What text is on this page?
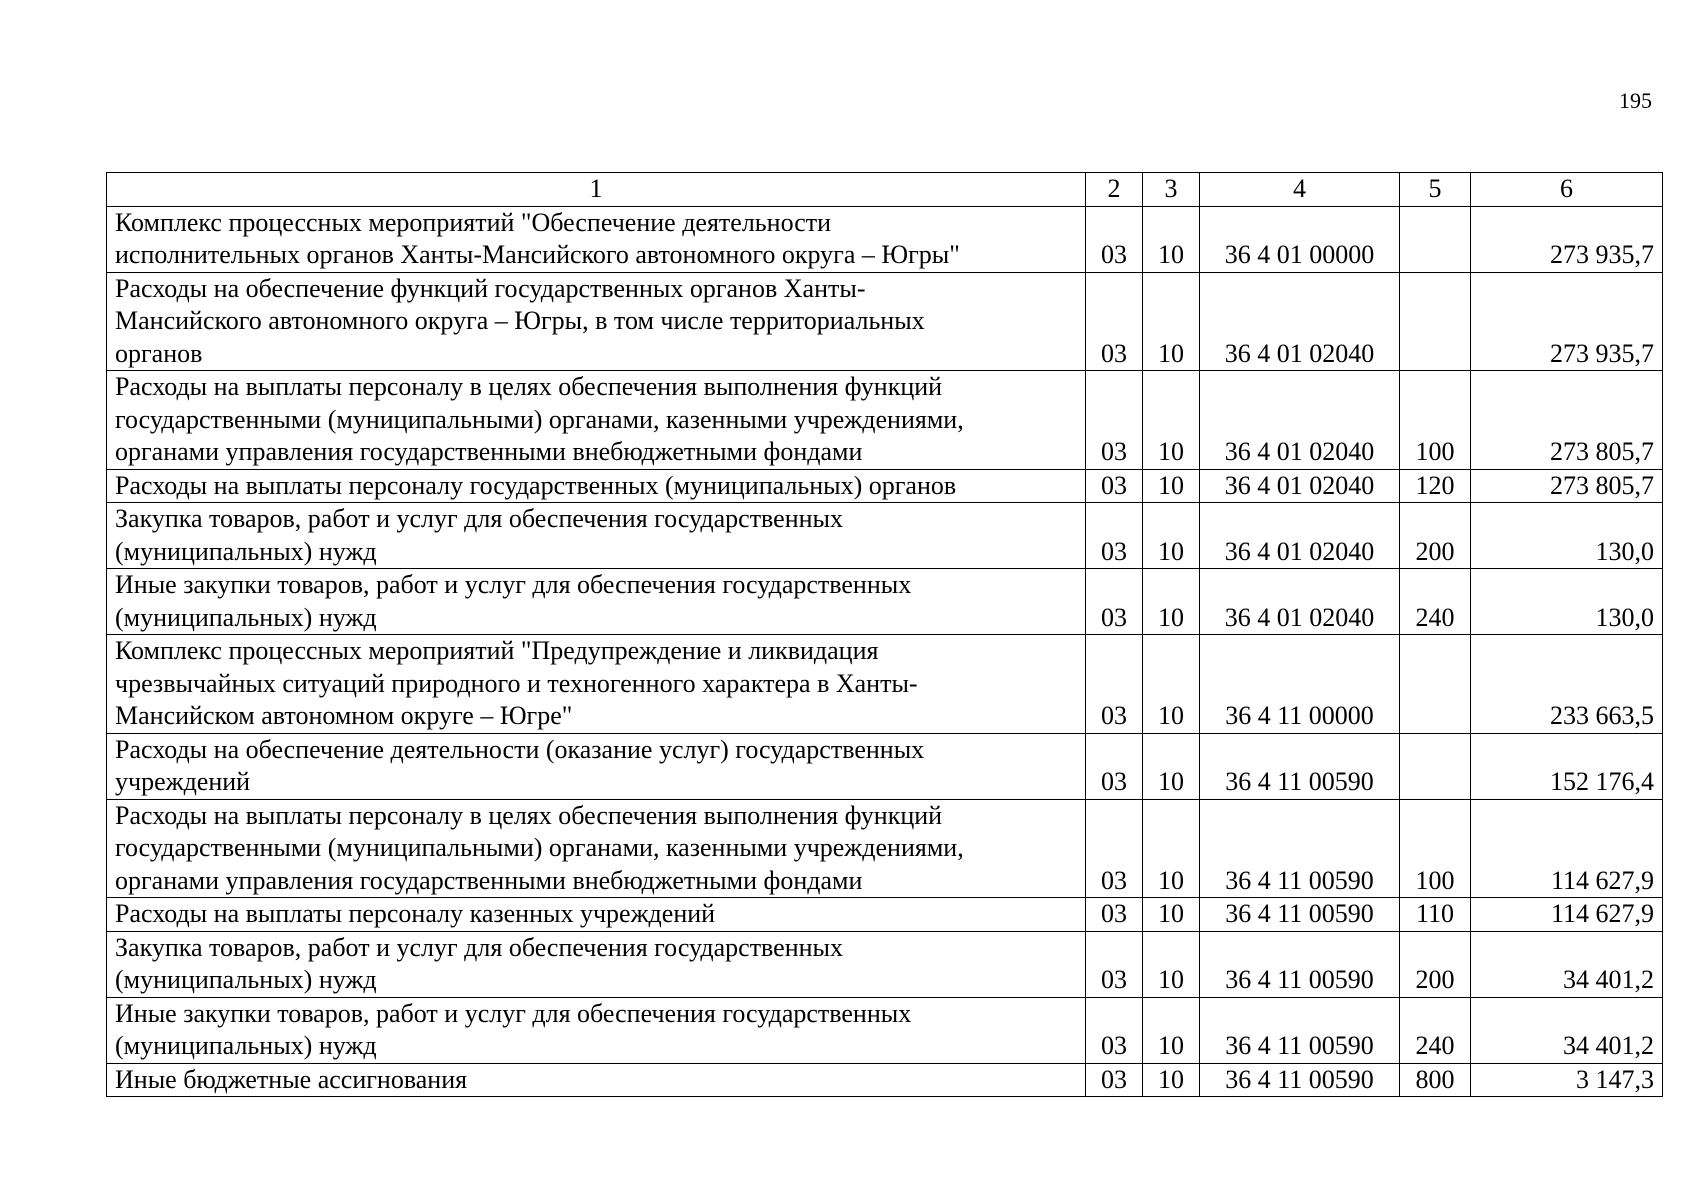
195
1	2	3	4	5	6

Комплекс процессных мероприятий "Обеспечение деятельности
исполнительных органов Ханты-Мансийского автономного округа – Югры"	03	10	36 4 01 00000		273 935,7

Расходы на обеспечение функций государственных органов Ханты-
Мансийского автономного округа – Югры, в том числе территориальных
органов	03	10	36 4 01 02040		273 935,7

Расходы на выплаты персоналу в целях обеспечения выполнения функций
государственными (муниципальными) органами, казенными учреждениями,
органами управления государственными внебюджетными фондами	03	10	36 4 01 02040	100	273 805,7

Расходы на выплаты персоналу государственных (муниципальных) органов	03	10	36 4 01 02040	120	273 805,7

Закупка товаров, работ и услуг для обеспечения государственных
(муниципальных) нужд	03	10	36 4 01 02040	200	130,0

Иные закупки товаров, работ и услуг для обеспечения государственных
(муниципальных) нужд	03	10	36 4 01 02040	240	130,0

Комплекс процессных мероприятий "Предупреждение и ликвидация
чрезвычайных ситуаций природного и техногенного характера в Ханты-
Мансийском автономном округе – Югре"	03	10	36 4 11 00000		233 663,5

Расходы на обеспечение деятельности (оказание услуг) государственных
учреждений	03	10	36 4 11 00590		152 176,4

Расходы на выплаты персоналу в целях обеспечения выполнения функций
государственными (муниципальными) органами, казенными учреждениями,
органами управления государственными внебюджетными фондами	03	10	36 4 11 00590	100	114 627,9

Расходы на выплаты персоналу казенных учреждений	03	10	36 4 11 00590	110	114 627,9

Закупка товаров, работ и услуг для обеспечения государственных
(муниципальных) нужд	03	10	36 4 11 00590	200	34 401,2

Иные закупки товаров, работ и услуг для обеспечения государственных
(муниципальных) нужд	03	10	36 4 11 00590	240	34 401,2

Иные бюджетные ассигнования	03	10	36 4 11 00590	800	3 147,3
